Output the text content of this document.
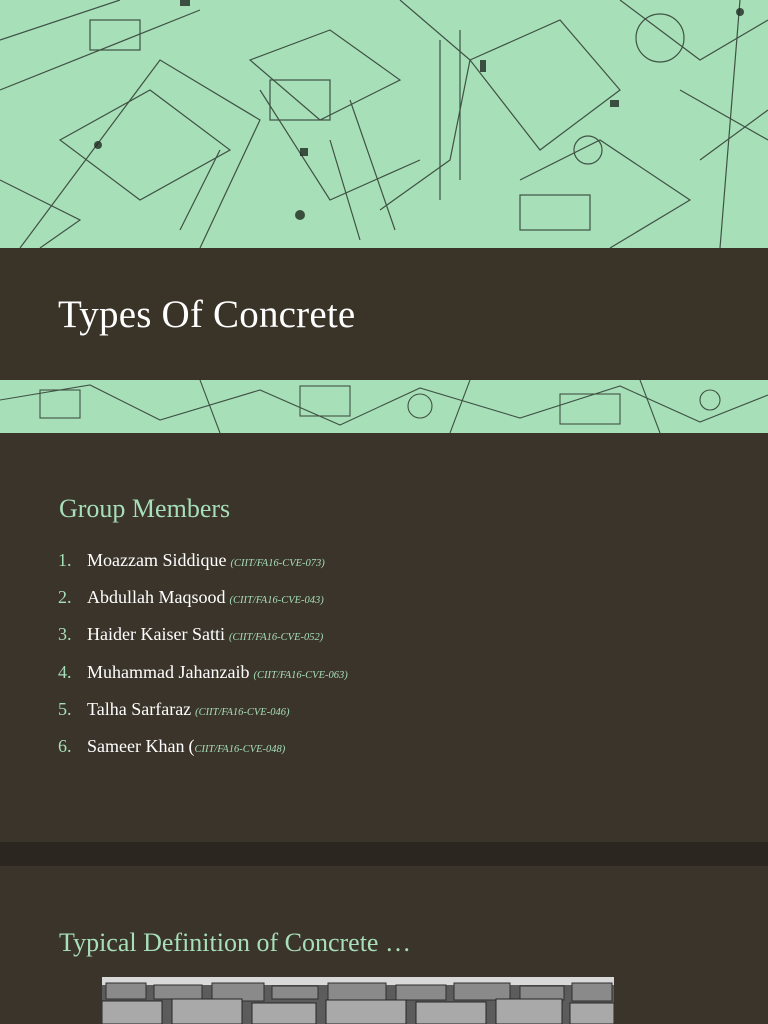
Types Of Concrete
Group Members
1. Moazzam Siddique (CIIT/FA16-CVE-073)
2. Abdullah Maqsood (CIIT/FA16-CVE-043)
3. Haider Kaiser Satti (CIIT/FA16-CVE-052)
4. Muhammad Jahanzaib (CIIT/FA16-CVE-063)
5. Talha Sarfaraz (CIIT/FA16-CVE-046)
6. Sameer Khan ( CIIT/FA16-CVE-048)
Typical Definition of Concrete …
